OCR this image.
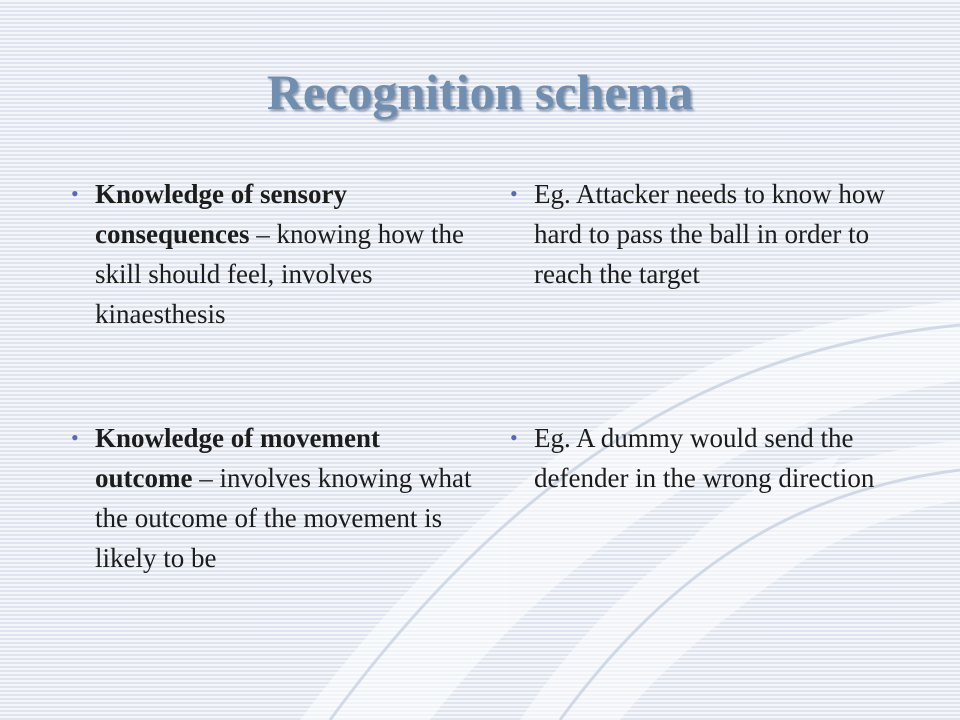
Recognition schema
• Knowledge of sensory consequences – knowing how the skill should feel, involves kinaesthesis
• Eg. Attacker needs to know how hard to pass the ball in order to reach the target
• Knowledge of movement outcome – involves knowing what the outcome of the movement is likely to be
• Eg. A dummy would send the defender in the wrong direction
